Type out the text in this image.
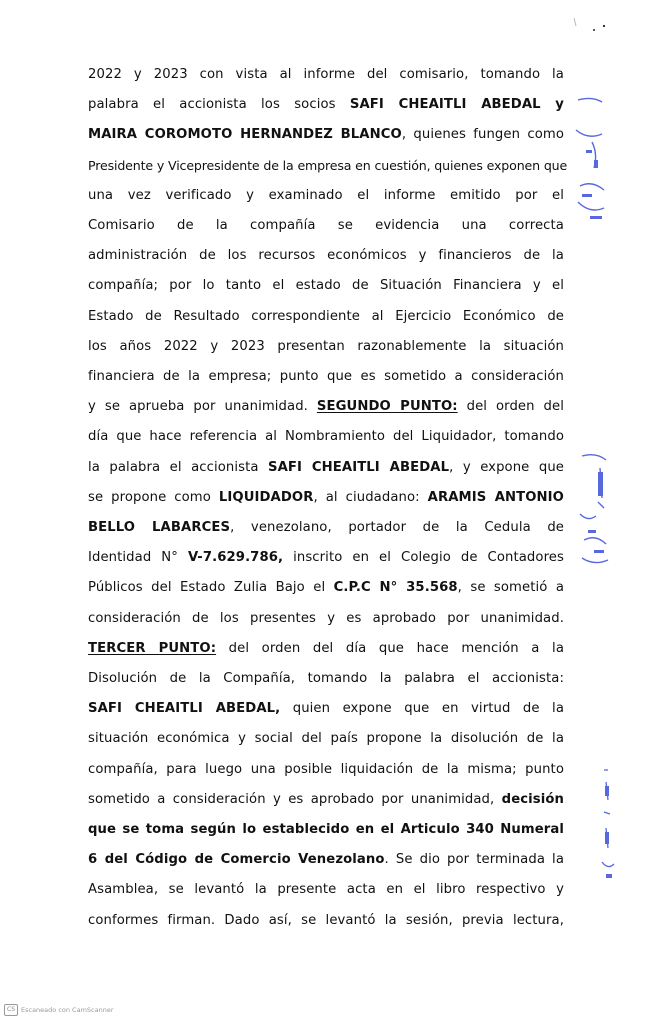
2022 y 2023 con vista al informe del comisario, tomando la
palabra el accionista los socios SAFI CHEAITLI ABEDAL y
MAIRA COROMOTO HERNANDEZ BLANCO, quienes fungen como
Presidente y Vicepresidente de la empresa en cuestión, quienes exponen que
una vez verificado y examinado el informe emitido por el
Comisario de la compañía se evidencia una correcta
administración de los recursos económicos y financieros de la
compañía; por lo tanto el estado de Situación Financiera y el
Estado de Resultado correspondiente al Ejercicio Económico de
los años 2022 y 2023 presentan razonablemente la situación
financiera de la empresa; punto que es sometido a consideración
y se aprueba por unanimidad. SEGUNDO PUNTO: del orden del
día que hace referencia al Nombramiento del Liquidador, tomando
la palabra el accionista SAFI CHEAITLI ABEDAL, y expone que
se propone como LIQUIDADOR, al ciudadano: ARAMIS ANTONIO
BELLO LABARCES, venezolano, portador de la Cedula de
Identidad N° V-7.629.786, inscrito en el Colegio de Contadores
Públicos del Estado Zulia Bajo el C.P.C N° 35.568, se sometió a
consideración de los presentes y es aprobado por unanimidad.
TERCER PUNTO: del orden del día que hace mención a la
Disolución de la Compañía, tomando la palabra el accionista:
SAFI CHEAITLI ABEDAL, quien expone que en virtud de la
situación económica y social del país propone la disolución de la
compañía, para luego una posible liquidación de la misma; punto
sometido a consideración y es aprobado por unanimidad, decisión
que se toma según lo establecido en el Articulo 340 Numeral
6 del Código de Comercio Venezolano. Se dio por terminada la
Asamblea, se levantó la presente acta en el libro respectivo y
conformes firman. Dado así, se levantó la sesión, previa lectura,
CS Escaneado con CamScanner
